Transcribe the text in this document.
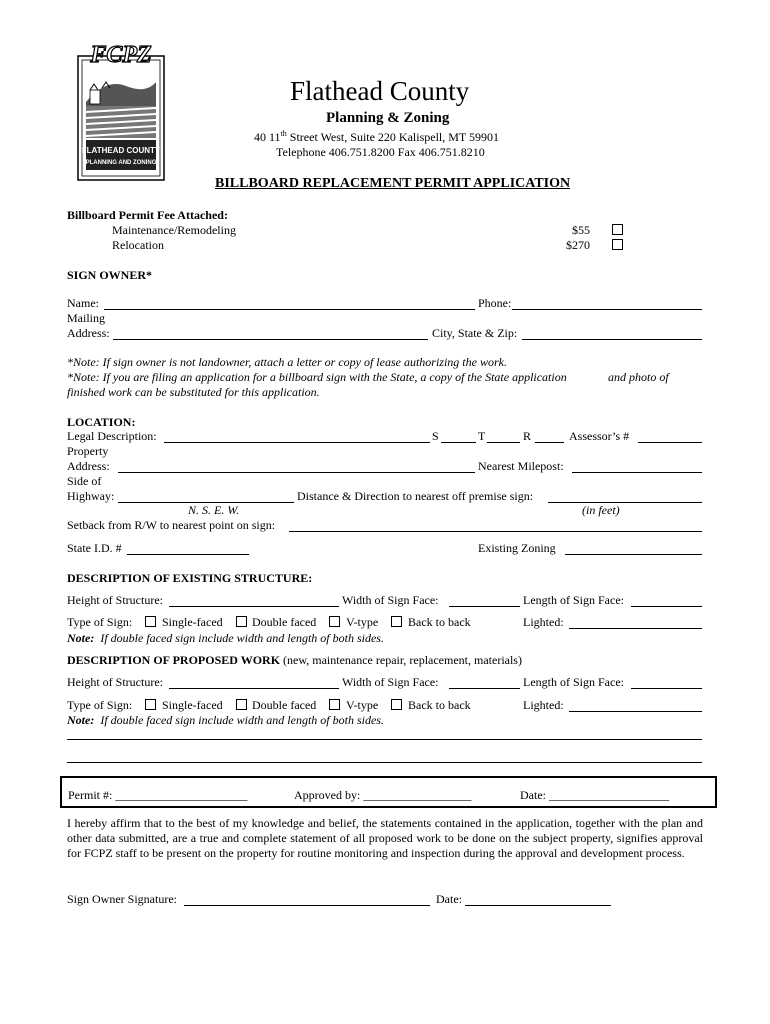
FCPZ
FLATHEAD COUNTY
PLANNING AND ZONING
Flathead County
Planning & Zoning
40 11th Street West, Suite 220 Kalispell, MT 59901
Telephone 406.751.8200 Fax 406.751.8210
BILLBOARD REPLACEMENT PERMIT APPLICATION
Billboard Permit Fee Attached:
Maintenance/Remodeling	$55
Relocation	$270
SIGN OWNER*
Name:	Phone:
Mailing
Address:	City, State & Zip:
*Note: If sign owner is not landowner, attach a letter or copy of lease authorizing the work.
*Note: If you are filing an application for a billboard sign with the State, a copy of the State application	and photo of
finished work can be substituted for this application.
LOCATION:
Legal Description:	S	T	R	Assessor’s #
Property
Address:	Nearest Milepost:
Side of
Highway:	Distance & Direction to nearest off premise sign:
N. S. E. W.	(in feet)
Setback from R/W to nearest point on sign:
State I.D. #	Existing Zoning
DESCRIPTION OF EXISTING STRUCTURE:
Height of Structure:	Width of Sign Face:	Length of Sign Face:
Type of Sign: Single-faced Double faced V-type Back to back	Lighted:
Note: If double faced sign include width and length of both sides.
DESCRIPTION OF PROPOSED WORK (new, maintenance repair, replacement, materials)
Height of Structure:	Width of Sign Face:	Length of Sign Face:
Type of Sign: Single-faced Double faced V-type Back to back	Lighted:
Note: If double faced sign include width and length of both sides.
Permit #: ______________________	Approved by: __________________	Date: ____________________
I hereby affirm that to the best of my knowledge and belief, the statements contained in the application, together with the plan and other data submitted, are a true and complete statement of all proposed work to be done on the subject property, signifies approval for FCPZ staff to be present on the property for routine monitoring and inspection during the approval and development process.
Sign Owner Signature:	Date:
